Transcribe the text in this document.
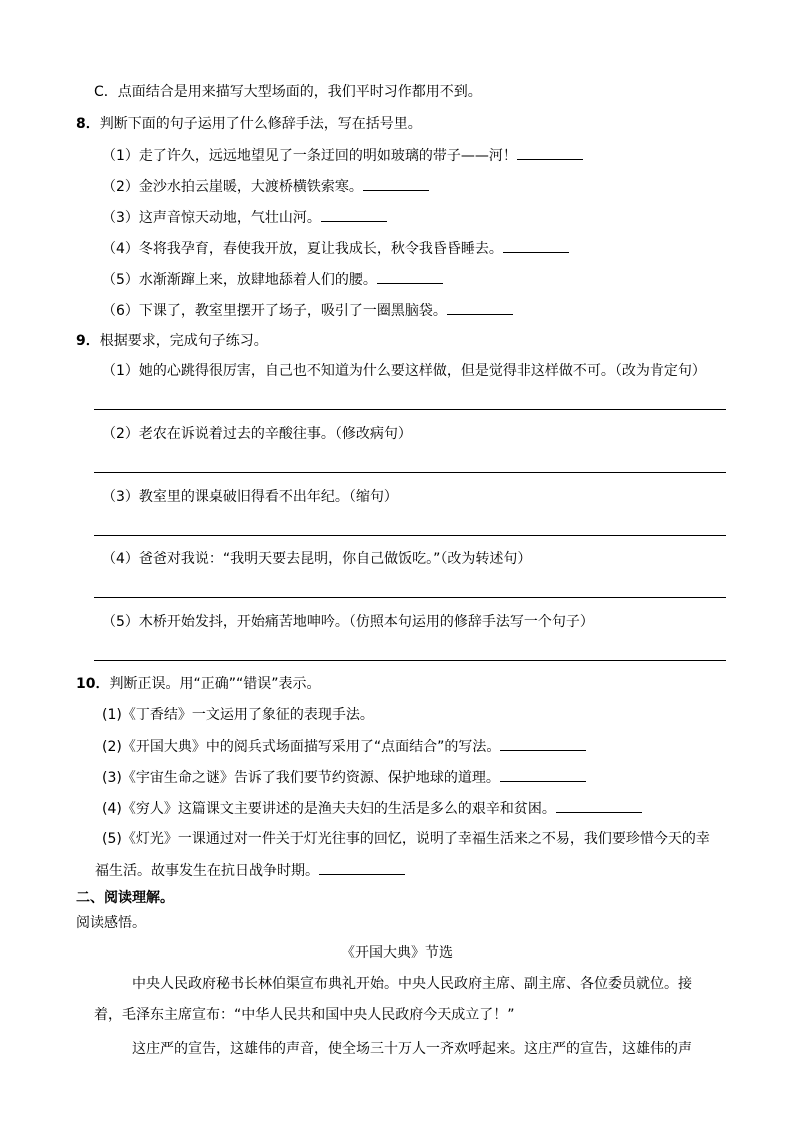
C．点面结合是用来描写大型场面的，我们平时习作都用不到。
8．判断下面的句子运用了什么修辞手法，写在括号里。
（1）走了许久，远远地望见了一条迂回的明如玻璃的带子——河！
（2）金沙水拍云崖暖，大渡桥横铁索寒。
（3）这声音惊天动地，气壮山河。
（4）冬将我孕育，春使我开放，夏让我成长，秋令我昏昏睡去。
（5）水渐渐蹿上来，放肆地舔着人们的腰。
（6）下课了，教室里摆开了场子，吸引了一圈黑脑袋。
9．根据要求，完成句子练习。
（1）她的心跳得很厉害，自己也不知道为什么要这样做，但是觉得非这样做不可。（改为肯定句）
（2）老农在诉说着过去的辛酸往事。（修改病句）
（3）教室里的课桌破旧得看不出年纪。（缩句）
（4）爸爸对我说：“我明天要去昆明，你自己做饭吃。”（改为转述句）
（5）木桥开始发抖，开始痛苦地呻吟。（仿照本句运用的修辞手法写一个句子）
10．判断正误。用“正确”“错误”表示。
(1)《丁香结》一文运用了象征的表现手法。
(2)《开国大典》中的阅兵式场面描写采用了“点面结合”的写法。
(3)《宇宙生命之谜》告诉了我们要节约资源、保护地球的道理。
(4)《穷人》这篇课文主要讲述的是渔夫夫妇的生活是多么的艰辛和贫困。
(5)《灯光》一课通过对一件关于灯光往事的回忆，说明了幸福生活来之不易，我们要珍惜今天的幸
福生活。故事发生在抗日战争时期。
二、阅读理解。
阅读感悟。
《开国大典》节选
中央人民政府秘书长林伯渠宣布典礼开始。中央人民政府主席、副主席、各位委员就位。接
着，毛泽东主席宣布：“中华人民共和国中央人民政府今天成立了！”
这庄严的宣告，这雄伟的声音，使全场三十万人一齐欢呼起来。这庄严的宣告，这雄伟的声
